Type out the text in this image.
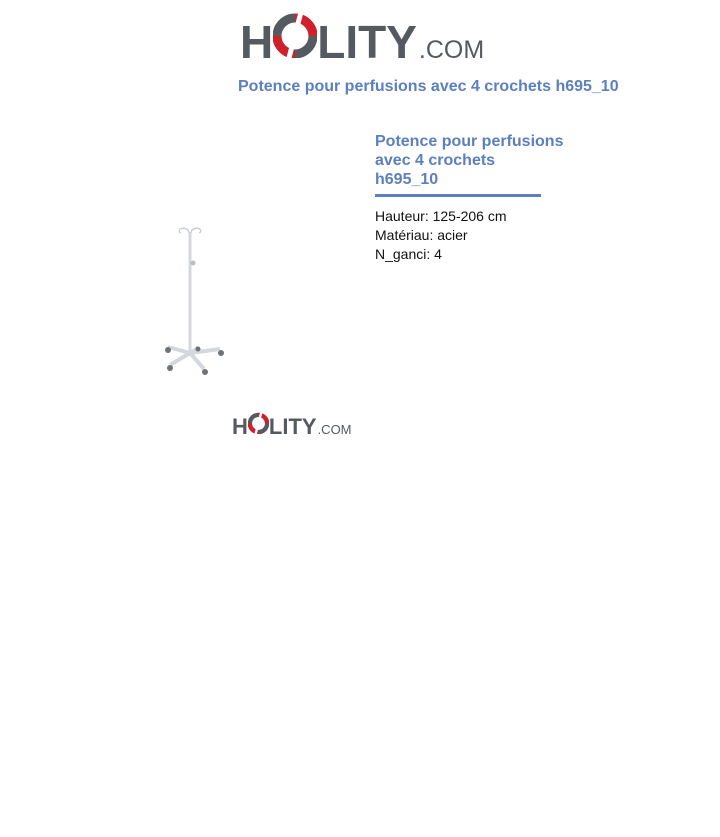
H LITY .COM
Potence pour perfusions avec 4 crochets h695_10
H LITY .COM
Potence pour perfusions
avec 4 crochets
h695_10
Hauteur: 125-206 cm
Matériau: acier
N_ganci: 4
